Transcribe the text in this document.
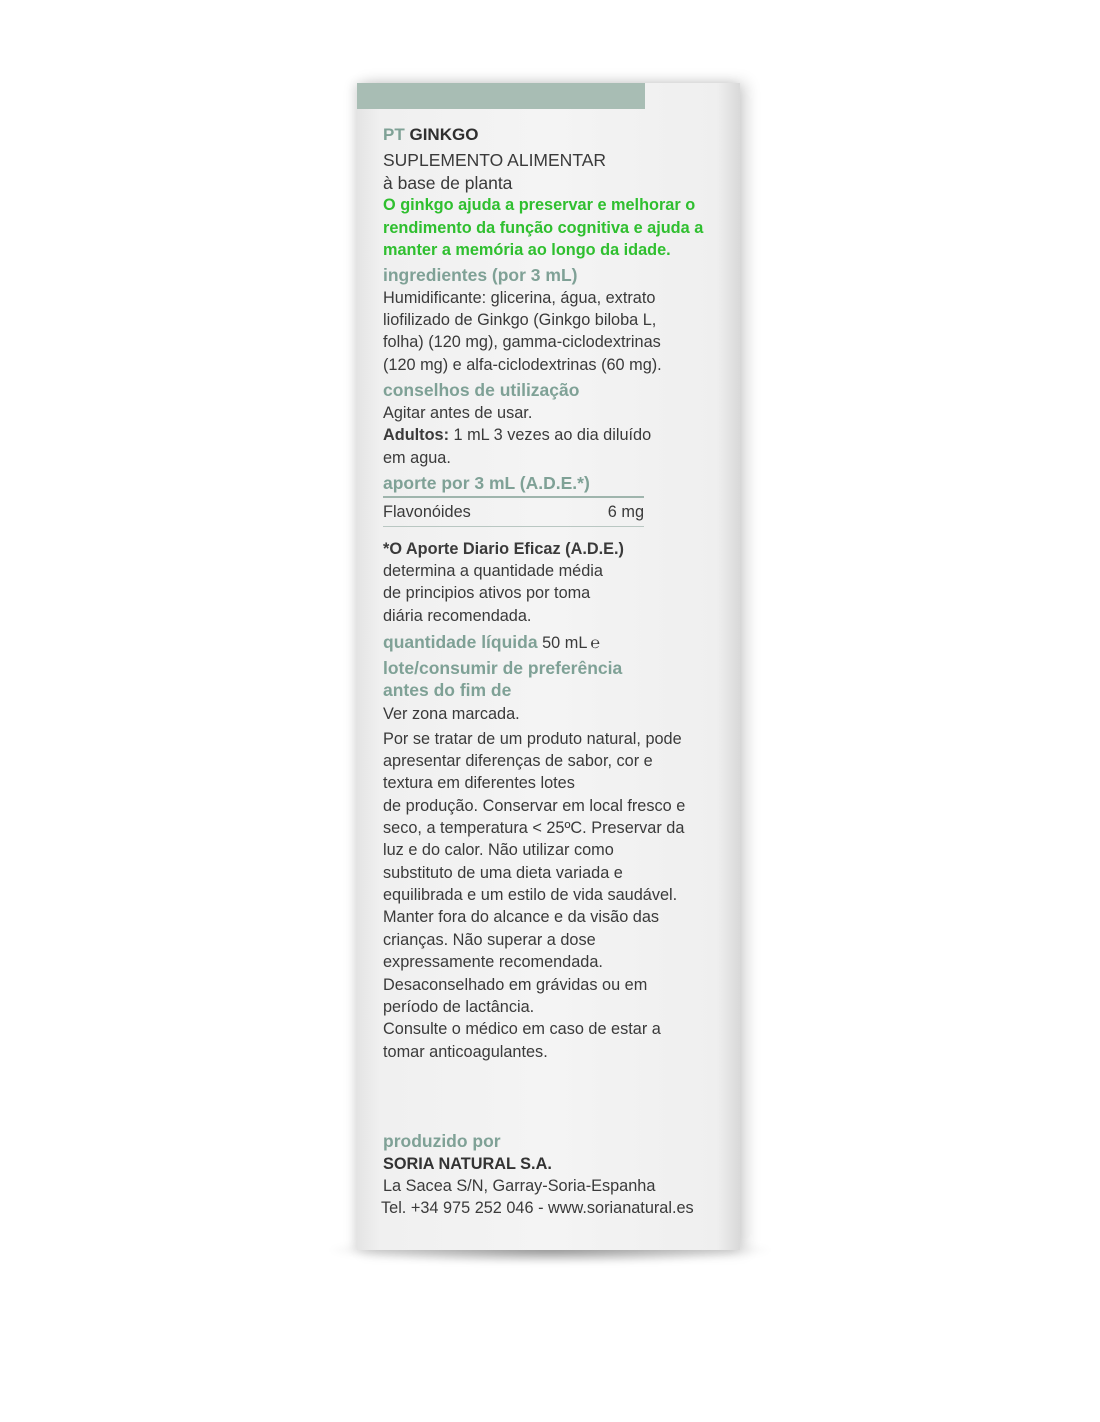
PT GINKGO
SUPLEMENTO ALIMENTAR
à base de planta
O ginkgo ajuda a preservar e melhorar o
rendimento da função cognitiva e ajuda a
manter a memória ao longo da idade.
ingredientes (por 3 mL)
Humidificante: glicerina, água, extrato
liofilizado de Ginkgo (Ginkgo biloba L,
folha) (120 mg), gamma-ciclodextrinas
(120 mg) e alfa-ciclodextrinas (60 mg).
conselhos de utilização
Agitar antes de usar.
Adultos: 1 mL 3 vezes ao dia diluído
em agua.
aporte por 3 mL (A.D.E.*)
Flavonóides	6 mg
*O Aporte Diario Eficaz (A.D.E.)
determina a quantidade média
de principios ativos por toma
diária recomendada.
quantidade líquida 50 mL ℮
lote/consumir de preferência
antes do fim de
Ver zona marcada.
Por se tratar de um produto natural, pode
apresentar diferenças de sabor, cor e
textura em diferentes lotes
de produção. Conservar em local fresco e
seco, a temperatura < 25ºC. Preservar da
luz e do calor. Não utilizar como
substituto de uma dieta variada e
equilibrada e um estilo de vida saudável.
Manter fora do alcance e da visão das
crianças. Não superar a dose
expressamente recomendada.
Desaconselhado em grávidas ou em
período de lactância.
Consulte o médico em caso de estar a
tomar anticoagulantes.
produzido por
SORIA NATURAL S.A.
La Sacea S/N, Garray-Soria-Espanha
Tel. +34 975 252 046 - www.sorianatural.es
